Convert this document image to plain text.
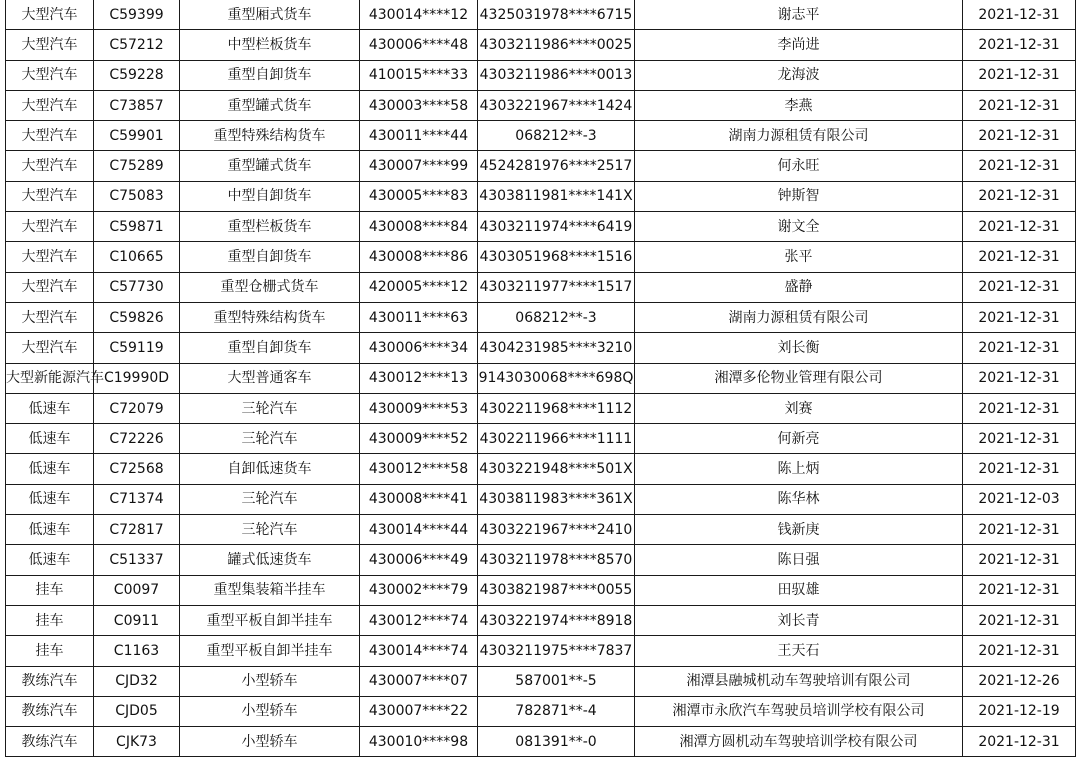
大型汽车	C59399	重型厢式货车	430014****12	4325031978****6715	谢志平	2021-12-31
大型汽车	C57212	中型栏板货车	430006****48	4303211986****0025	李尚进	2021-12-31
大型汽车	C59228	重型自卸货车	410015****33	4303211986****0013	龙海波	2021-12-31
大型汽车	C73857	重型罐式货车	430003****58	4303221967****1424	李燕	2021-12-31
大型汽车	C59901	重型特殊结构货车	430011****44	068212**-3	湖南力源租赁有限公司	2021-12-31
大型汽车	C75289	重型罐式货车	430007****99	4524281976****2517	何永旺	2021-12-31
大型汽车	C75083	中型自卸货车	430005****83	4303811981****141X	钟斯智	2021-12-31
大型汽车	C59871	重型栏板货车	430008****84	4303211974****6419	谢文全	2021-12-31
大型汽车	C10665	重型自卸货车	430008****86	4303051968****1516	张平	2021-12-31
大型汽车	C57730	重型仓栅式货车	420005****12	4303211977****1517	盛静	2021-12-31
大型汽车	C59826	重型特殊结构货车	430011****63	068212**-3	湖南力源租赁有限公司	2021-12-31
大型汽车	C59119	重型自卸货车	430006****34	4304231985****3210	刘长衡	2021-12-31
大型新能源汽车	C19990D	大型普通客车	430012****13	9143030068****698Q	湘潭多伦物业管理有限公司	2021-12-31
低速车	C72079	三轮汽车	430009****53	4302211968****1112	刘赛	2021-12-31
低速车	C72226	三轮汽车	430009****52	4302211966****1111	何新亮	2021-12-31
低速车	C72568	自卸低速货车	430012****58	4303221948****501X	陈上炳	2021-12-31
低速车	C71374	三轮汽车	430008****41	4303811983****361X	陈华林	2021-12-03
低速车	C72817	三轮汽车	430014****44	4303221967****2410	钱新庚	2021-12-31
低速车	C51337	罐式低速货车	430006****49	4303211978****8570	陈日强	2021-12-31
挂车	C0097	重型集装箱半挂车	430002****79	4303821987****0055	田驭雄	2021-12-31
挂车	C0911	重型平板自卸半挂车	430012****74	4303221974****8918	刘长青	2021-12-31
挂车	C1163	重型平板自卸半挂车	430014****74	4303211975****7837	王天石	2021-12-31
教练汽车	CJD32	小型轿车	430007****07	587001**-5	湘潭县融城机动车驾驶培训有限公司	2021-12-26
教练汽车	CJD05	小型轿车	430007****22	782871**-4	湘潭市永欣汽车驾驶员培训学校有限公司	2021-12-19
教练汽车	CJK73	小型轿车	430010****98	081391**-0	湘潭方圆机动车驾驶培训学校有限公司	2021-12-31
